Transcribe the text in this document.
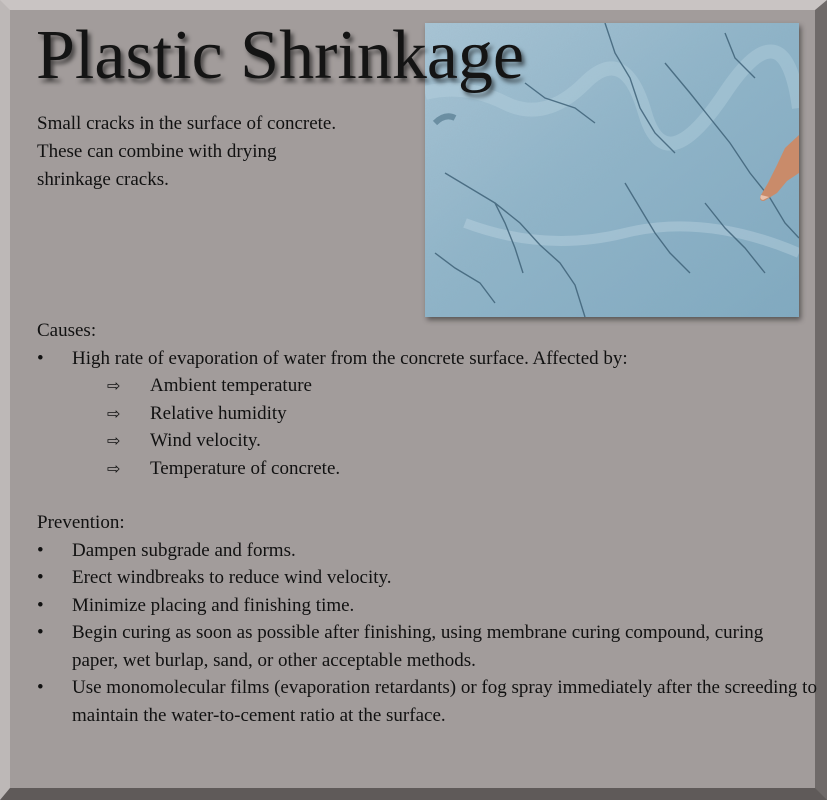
Plastic Shrinkage
Small cracks in the surface of concrete.
These can combine with drying
shrinkage cracks.
Causes:
• High rate of evaporation of water from the concrete surface. Affected by:
⇨ Ambient temperature
⇨ Relative humidity
⇨ Wind velocity.
⇨ Temperature of concrete.
Prevention:
• Dampen subgrade and forms.
• Erect windbreaks to reduce wind velocity.
• Minimize placing and finishing time.
• Begin curing as soon as possible after finishing, using membrane curing compound, curing paper, wet burlap, sand, or other acceptable methods.
• Use monomolecular films (evaporation retardants) or fog spray immediately after the screeding to maintain the water-to-cement ratio at the surface.
